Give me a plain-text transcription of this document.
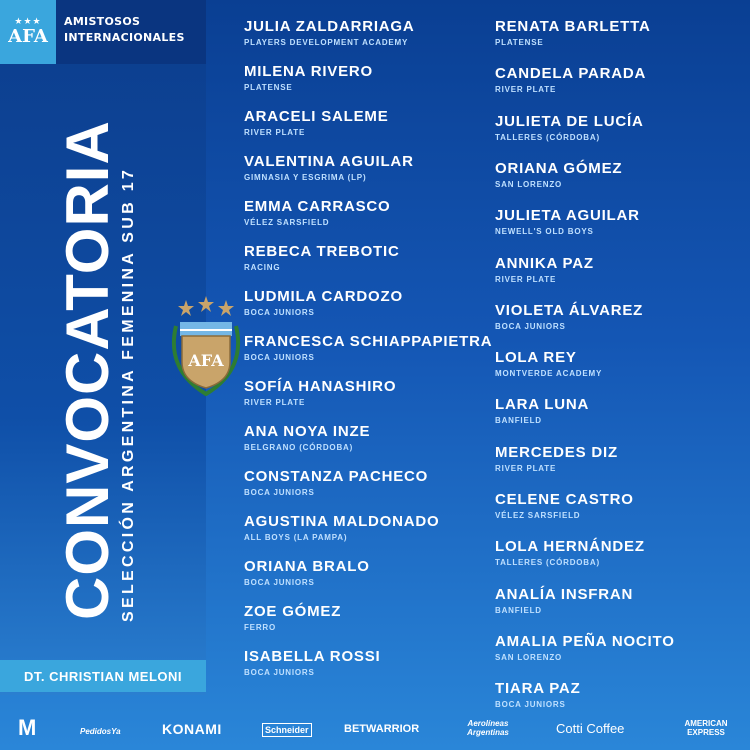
★★★
AFA
AMISTOSOS
INTERNACIONALES
CONVOCATORIA SELECCIÓN ARGENTINA FEMENINA SUB 17	AFA
DT. CHRISTIAN MELONI
JULIA ZALDARRIAGA
PLAYERS DEVELOPMENT ACADEMY
MILENA RIVERO
PLATENSE
ARACELI SALEME
RIVER PLATE
VALENTINA AGUILAR
GIMNASIA Y ESGRIMA (LP)
EMMA CARRASCO
VÉLEZ SARSFIELD
REBECA TREBOTIC
RACING
LUDMILA CARDOZO
BOCA JUNIORS
FRANCESCA SCHIAPPAPIETRA
BOCA JUNIORS
SOFÍA HANASHIRO
RIVER PLATE
ANA NOYA INZE
BELGRANO (CÓRDOBA)
CONSTANZA PACHECO
BOCA JUNIORS
AGUSTINA MALDONADO
ALL BOYS (LA PAMPA)
ORIANA BRALO
BOCA JUNIORS
ZOE GÓMEZ
FERRO
ISABELLA ROSSI
BOCA JUNIORS
RENATA BARLETTA
PLATENSE
CANDELA PARADA
RIVER PLATE
JULIETA DE LUCÍA
TALLERES (CÓRDOBA)
ORIANA GÓMEZ
SAN LORENZO
JULIETA AGUILAR
NEWELL'S OLD BOYS
ANNIKA PAZ
RIVER PLATE
VIOLETA ÁLVAREZ
BOCA JUNIORS
LOLA REY
MONTVERDE ACADEMY
LARA LUNA
BANFIELD
MERCEDES DIZ
RIVER PLATE
CELENE CASTRO
VÉLEZ SARSFIELD
LOLA HERNÁNDEZ
TALLERES (CÓRDOBA)
ANALÍA INSFRAN
BANFIELD
AMALIA PEÑA NOCITO
SAN LORENZO
TIARA PAZ
BOCA JUNIORS
M	PedidosYa	KONAMI	Schneider	BETWARRIOR	Aerolíneas Argentinas	Cotti Coffee	AMERICAN EXPRESS
